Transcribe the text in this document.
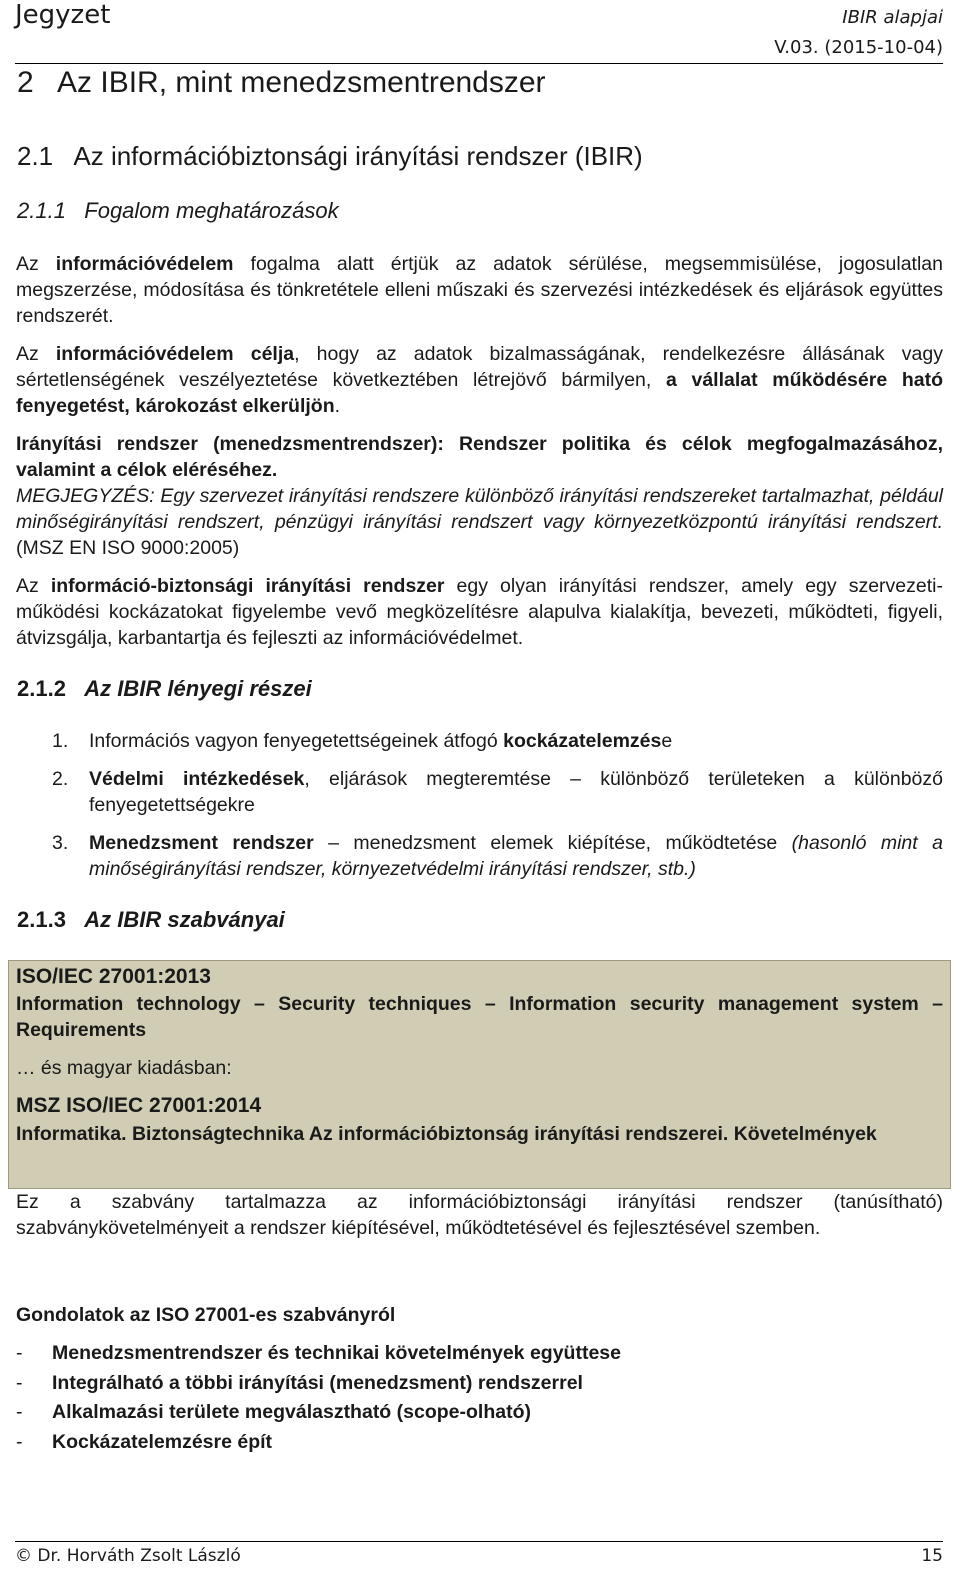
Jegyzet	IBIR alapjai
V.03. (2015-10-04)
2   Az IBIR, mint menedzsmentrendszer
2.1   Az információbiztonsági irányítási rendszer (IBIR)
2.1.1   Fogalom meghatározások

Az információvédelem fogalma alatt értjük az adatok sérülése, megsemmisülése, jogosulatlan megszerzése, módosítása és tönkretétele elleni műszaki és szervezési intézkedések és eljárások együttes rendszerét.

Az információvédelem célja, hogy az adatok bizalmasságának, rendelkezésre állásának vagy sértetlenségének veszélyeztetése következtében létrejövő bármilyen, a vállalat működésére ható fenyegetést, károkozást elkerüljön.

Irányítási rendszer (menedzsmentrendszer): Rendszer politika és célok megfogalmazásához, valamint a célok eléréséhez.

MEGJEGYZÉS: Egy szervezet irányítási rendszere különböző irányítási rendszereket tartalmazhat, például minőségirányítási rendszert, pénzügyi irányítási rendszert vagy környezetközpontú irányítási rendszert. (MSZ EN ISO 9000:2005)

Az információ-biztonsági irányítási rendszer egy olyan irányítási rendszer, amely egy szervezeti-működési kockázatokat figyelembe vevő megközelítésre alapulva kialakítja, bevezeti, működteti, figyeli, átvizsgálja, karbantartja és fejleszti az információvédelmet.

2.1.2 Az IBIR lényegi részei
1. Információs vagyon fenyegetettségeinek átfogó kockázatelemzése
2. Védelmi intézkedések, eljárások megteremtése – különböző területeken a különböző fenyegetettségekre
3. Menedzsment rendszer – menedzsment elemek kiépítése, működtetése (hasonló mint a minőségirányítási rendszer, környezetvédelmi irányítási rendszer, stb.)
2.1.3 Az IBIR szabványai

ISO/IEC 27001:2013

Information technology – Security techniques – Information security management system – Requirements

… és magyar kiadásban:

MSZ ISO/IEC 27001:2014

Informatika. Biztonságtechnika Az információbiztonság irányítási rendszerei. Követelmények

Ez a szabvány tartalmazza az információbiztonsági irányítási rendszer (tanúsítható) szabványkövetelményeit a rendszer kiépítésével, működtetésével és fejlesztésével szemben.

Gondolatok az ISO 27001-es szabványról

- Menedzsmentrendszer és technikai követelmények együttese
- Integrálható a többi irányítási (menedzsment) rendszerrel
- Alkalmazási területe megválasztható (scope-olható)
- Kockázatelemzésre épít
© Dr. Horváth Zsolt László	15
